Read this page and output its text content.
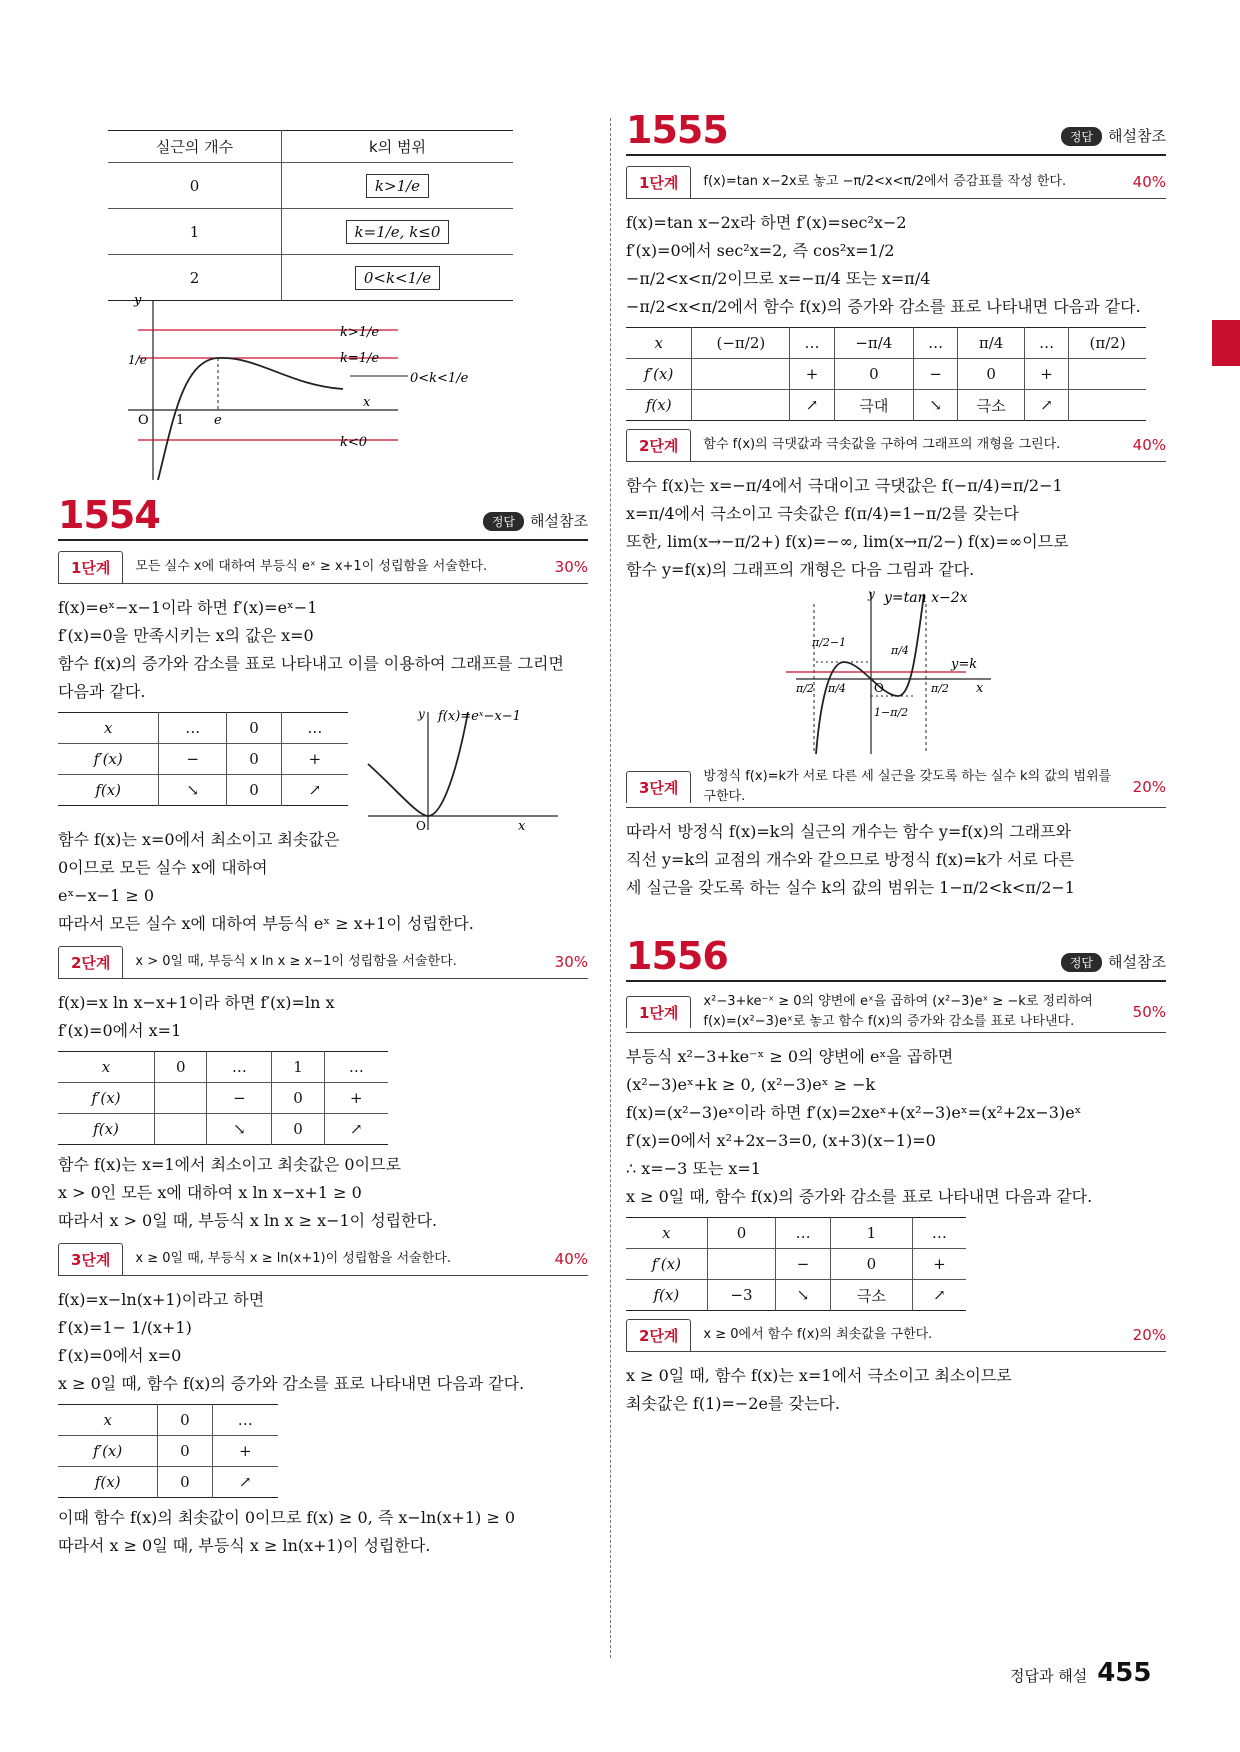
실근의 개수	k의 범위
0	k>1/e
1	k=1/e, k≤0
2	0<k<1/e
y
x
O 1 e
1/e
k>1/e
k=1/e
0<k<1/e
k<0
1554	정답 해설참조
1단계	모든 실수 x에 대하여 부등식 eˣ ≥ x+1이 성립함을 서술한다.	30%
f(x)=eˣ−x−1이라 하면 f′(x)=eˣ−1
f′(x)=0을 만족시키는 x의 값은 x=0
함수 f(x)의 증가와 감소를 표로 나타내고 이를 이용하여 그래프를 그리면
다음과 같다.
x	…	0	…
f′(x)	−	0	+
f(x)	↘	0	↗
y f(x)=eˣ−x−1
x
O
함수 f(x)는 x=0에서 최소이고 최솟값은
0이므로 모든 실수 x에 대하여
eˣ−x−1 ≥ 0
따라서 모든 실수 x에 대하여 부등식 eˣ ≥ x+1이 성립한다.
2단계	x > 0일 때, 부등식 x ln x ≥ x−1이 성립함을 서술한다.	30%
f(x)=x ln x−x+1이라 하면 f′(x)=ln x
f′(x)=0에서 x=1
x	0	…	1	…
f′(x)		−	0	+
f(x)		↘	0	↗
함수 f(x)는 x=1에서 최소이고 최솟값은 0이므로
x > 0인 모든 x에 대하여 x ln x−x+1 ≥ 0
따라서 x > 0일 때, 부등식 x ln x ≥ x−1이 성립한다.
3단계	x ≥ 0일 때, 부등식 x ≥ ln(x+1)이 성립함을 서술한다.	40%
f(x)=x−ln(x+1)이라고 하면
f′(x)=1− 1/(x+1)
f′(x)=0에서 x=0
x ≥ 0일 때, 함수 f(x)의 증가와 감소를 표로 나타내면 다음과 같다.
x	0	…
f′(x)	0	+
f(x)	0	↗
이때 함수 f(x)의 최솟값이 0이므로 f(x) ≥ 0, 즉 x−ln(x+1) ≥ 0
따라서 x ≥ 0일 때, 부등식 x ≥ ln(x+1)이 성립한다.
1555	정답 해설참조
1단계	f(x)=tan x−2x로 놓고 −π/2<x<π/2에서 증감표를 작성 한다.	40%
f(x)=tan x−2x라 하면 f′(x)=sec²x−2
f′(x)=0에서 sec²x=2, 즉 cos²x=1/2
−π/2<x<π/2이므로 x=−π/4 또는 x=π/4
−π/2<x<π/2에서 함수 f(x)의 증가와 감소를 표로 나타내면 다음과 같다.
x	(−π/2)	…	−π/4	…	π/4	…	(π/2)
f′(x)		+	0	−	0	+	
f(x)		↗	극대	↘	극소	↗	
2단계	함수 f(x)의 극댓값과 극솟값을 구하여 그래프의 개형을 그린다.	40%
함수 f(x)는 x=−π/4에서 극대이고 극댓값은 f(−π/4)=π/2−1
x=π/4에서 극소이고 극솟값은 f(π/4)=1−π/2를 갖는다
또한, lim(x→−π/2+) f(x)=−∞, lim(x→π/2−) f(x)=∞이므로
함수 y=f(x)의 그래프의 개형은 다음 그림과 같다.
y y=tan x−2x
y=k
x
O
π/2−1
1−π/2
π/4
π/4
π/2	π/2
3단계
방정식 f(x)=k가 서로 다른 세 실근을 갖도록 하는 실수 k의 값의 범위를 구한다.
20%
따라서 방정식 f(x)=k의 실근의 개수는 함수 y=f(x)의 그래프와
직선 y=k의 교점의 개수와 같으므로 방정식 f(x)=k가 서로 다른
세 실근을 갖도록 하는 실수 k의 값의 범위는 1−π/2<k<π/2−1
1556	정답 해설참조
1단계
x²−3+ke⁻ˣ ≥ 0의 양변에 eˣ을 곱하여 (x²−3)eˣ ≥ −k로 정리하여 f(x)=(x²−3)eˣ로 놓고 함수 f(x)의 증가와 감소를 표로 나타낸다.
50%
부등식 x²−3+ke⁻ˣ ≥ 0의 양변에 eˣ을 곱하면
(x²−3)eˣ+k ≥ 0, (x²−3)eˣ ≥ −k
f(x)=(x²−3)eˣ이라 하면 f′(x)=2xeˣ+(x²−3)eˣ=(x²+2x−3)eˣ
f′(x)=0에서 x²+2x−3=0, (x+3)(x−1)=0
∴ x=−3 또는 x=1
x ≥ 0일 때, 함수 f(x)의 증가와 감소를 표로 나타내면 다음과 같다.
x	0	…	1	…
f′(x)		−	0	+
f(x)	−3	↘	극소	↗
2단계	x ≥ 0에서 함수 f(x)의 최솟값을 구한다.	20%
x ≥ 0일 때, 함수 f(x)는 x=1에서 극소이고 최소이므로
최솟값은 f(1)=−2e를 갖는다.
정답과 해설 455
